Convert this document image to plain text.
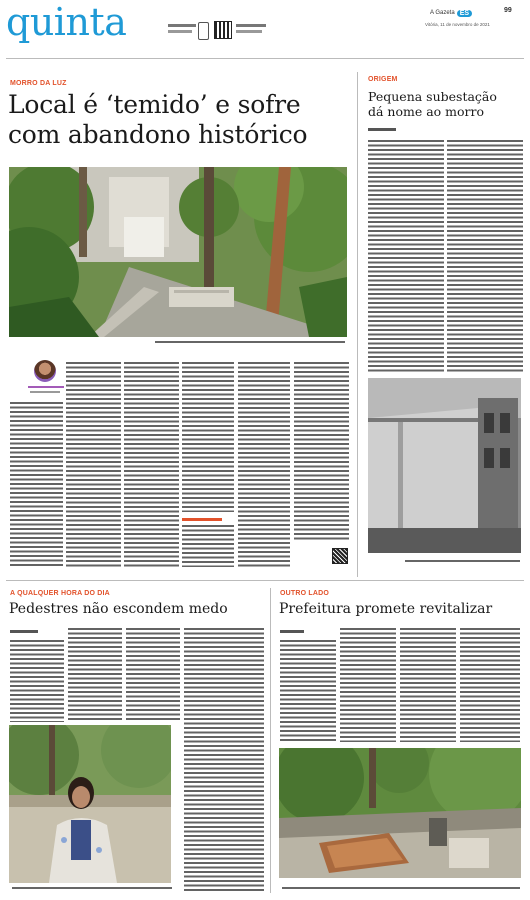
quinta	A Gazeta ES	99
Vitória, 11 de novembro de 2021
MORRO DA LUZ
Local é ‘temido’ e sofre
com abandono histórico
ORIGEM
Pequena subestação
dá nome ao morro
A QUALQUER HORA DO DIA
Pedestres não escondem medo
OUTRO LADO
Prefeitura promete revitalizar
